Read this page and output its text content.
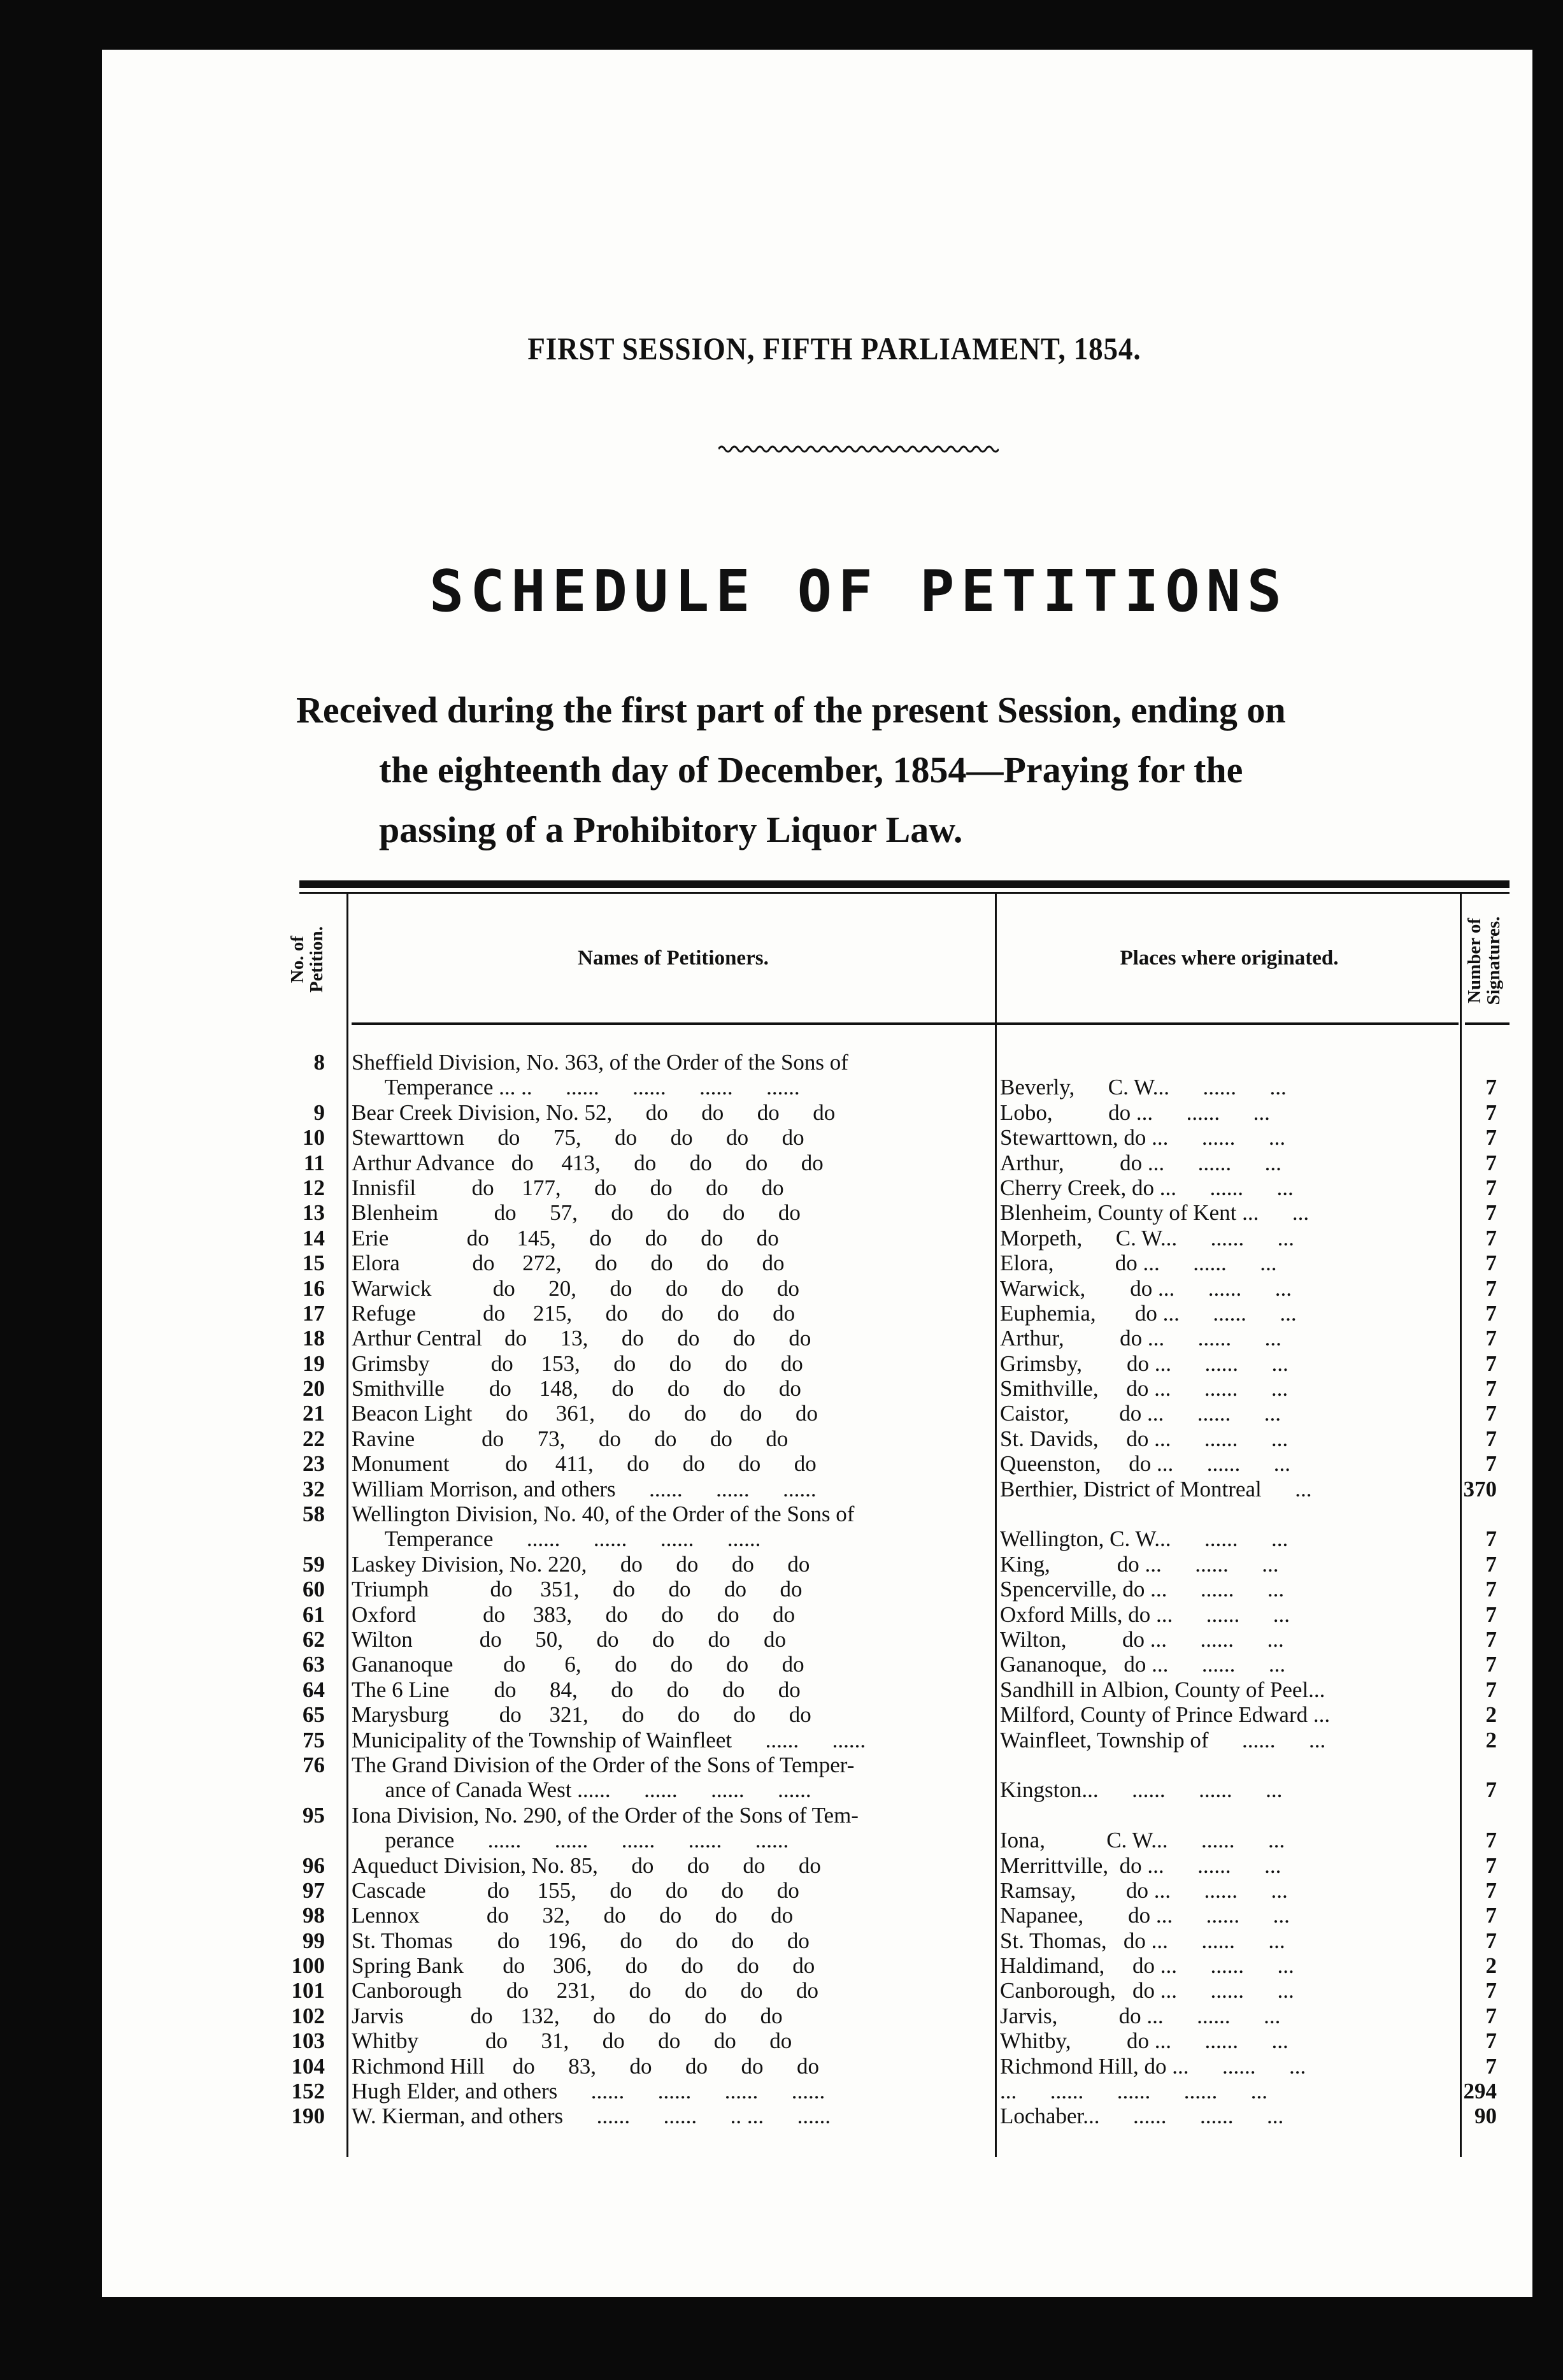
FIRST SESSION, FIFTH PARLIAMENT, 1854.
SCHEDULE OF PETITIONS
Received during the first part of the present Session, ending on
the eighteenth day of December, 1854—Praying for the
passing of a Prohibitory Liquor Law.
No. of
Petition.	Names of Petitioners.	Places where originated.	Number of
Signatures.
8 Sheffield Division, No. 363, of the Order of the Sons of
Temperance ... ..      ......      ......      ......      ......	Beverly,      C. W...      ......      ...	7
9 Bear Creek Division, No. 52,      do      do      do      do	Lobo,          do ...      ......      ...	7
10 Stewarttown      do      75,      do      do      do      do	Stewarttown, do ...      ......      ...	7
11 Arthur Advance   do     413,      do      do      do      do	Arthur,          do ...      ......      ...	7
12 Innisfil          do     177,      do      do      do      do	Cherry Creek, do ...      ......      ...	7
13 Blenheim          do      57,      do      do      do      do	Blenheim, County of Kent ...      ...	7
14 Erie              do     145,      do      do      do      do	Morpeth,      C. W...      ......      ...	7
15 Elora             do     272,      do      do      do      do	Elora,           do ...      ......      ...	7
16 Warwick           do      20,      do      do      do      do	Warwick,        do ...      ......      ...	7
17 Refuge            do     215,      do      do      do      do	Euphemia,       do ...      ......      ...	7
18 Arthur Central    do      13,      do      do      do      do	Arthur,          do ...      ......      ...	7
19 Grimsby           do     153,      do      do      do      do	Grimsby,        do ...      ......      ...	7
20 Smithville        do     148,      do      do      do      do	Smithville,     do ...      ......      ...	7
21 Beacon Light      do     361,      do      do      do      do	Caistor,         do ...      ......      ...	7
22 Ravine            do      73,      do      do      do      do	St. Davids,     do ...      ......      ...	7
23 Monument          do     411,      do      do      do      do	Queenston,     do ...      ......      ...	7
32 William Morrison, and others      ......      ......      ......	Berthier, District of Montreal      ...	370
58 Wellington Division, No. 40, of the Order of the Sons of
Temperance      ......      ......      ......      ......	Wellington, C. W...      ......      ...	7
59 Laskey Division, No. 220,      do      do      do      do	King,            do ...      ......      ...	7
60 Triumph           do     351,      do      do      do      do	Spencerville, do ...      ......      ...	7
61 Oxford            do     383,      do      do      do      do	Oxford Mills, do ...      ......      ...	7
62 Wilton            do      50,      do      do      do      do	Wilton,          do ...      ......      ...	7
63 Gananoque         do       6,      do      do      do      do	Gananoque,   do ...      ......      ...	7
64 The 6 Line        do      84,      do      do      do      do	Sandhill in Albion, County of Peel...	7
65 Marysburg         do     321,      do      do      do      do	Milford, County of Prince Edward ...	2
75 Municipality of the Township of Wainfleet      ......      ......	Wainfleet, Township of      ......      ...	2
76 The Grand Division of the Order of the Sons of Temper-
ance of Canada West ......      ......      ......      ......	Kingston...      ......      ......      ...	7
95 Iona Division, No. 290, of the Order of the Sons of Tem-
perance      ......      ......      ......      ......      ......	Iona,           C. W...      ......      ...	7
96 Aqueduct Division, No. 85,      do      do      do      do	Merrittville,  do ...      ......      ...	7
97 Cascade           do     155,      do      do      do      do	Ramsay,         do ...      ......      ...	7
98 Lennox            do      32,      do      do      do      do	Napanee,        do ...      ......      ...	7
99 St. Thomas        do     196,      do      do      do      do	St. Thomas,   do ...      ......      ...	7
100 Spring Bank       do     306,      do      do      do      do	Haldimand,     do ...      ......      ...	2
101 Canborough        do     231,      do      do      do      do	Canborough,   do ...      ......      ...	7
102 Jarvis            do     132,      do      do      do      do	Jarvis,           do ...      ......      ...	7
103 Whitby            do      31,      do      do      do      do	Whitby,          do ...      ......      ...	7
104 Richmond Hill     do      83,      do      do      do      do	Richmond Hill, do ...      ......      ...	7
152 Hugh Elder, and others      ......      ......      ......      ......	...      ......      ......      ......      ...	294
190 W. Kierman, and others      ......      ......      .. ...      ......	Lochaber...      ......      ......      ...	90
